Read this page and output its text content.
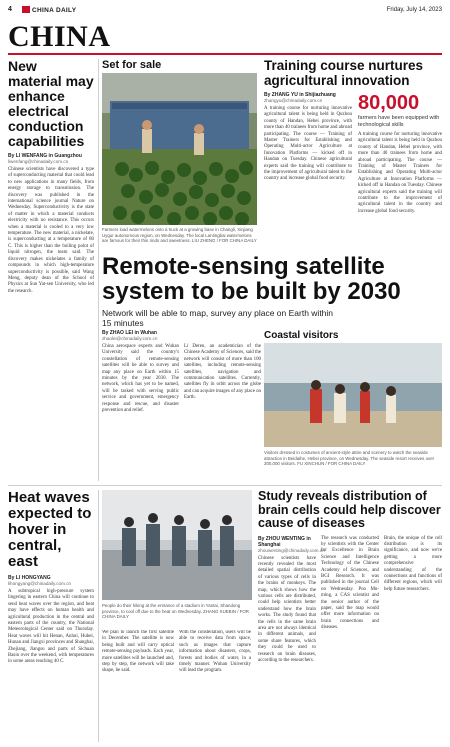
4	CHINA DAILY	Friday, July 14, 2023
CHINA
New material may enhance electrical conduction capabilities
By LI WENFANG in Guangzhou
liwenfang@chinadaily.com.cn
Chinese scientists have discovered a type of superconducting material that could lead to new applications in many fields, from energy storage to transmission. The discovery was published in the international science journal Nature on Wednesday. Superconductivity is the state of matter in which a material conducts electricity with no resistance. This occurs when a material is cooled to a very low temperature. The new material, a nickelate, is superconducting at a temperature of 80 C. This is higher than the boiling point of liquid nitrogen, the team said. The discovery makes nickelates a family of compounds in which high-temperature superconductivity is possible, said Wang Meng, deputy dean of the School of Physics at Sun Yat-sen University, who led the research.
Set for sale
Farmers load watermelons onto a truck at a growing base in Changli, Xinjiang Uygur autonomous region, on Wednesday. The local Lantingbai watermelons are famous for their thin rinds and sweetness. LIU ZHENG / FOR CHINA DAILY
Training course nurtures agricultural innovation
By ZHANG YU in Shijiazhuang
zhangyu@chinadaily.com.cn
A training course for nurturing innovative agricultural talent is being held in Quzhou county of Handan, Hebei province, with more than 40 trainees from home and abroad participating. The course — Training of Master Trainers for Establishing and Operating Multi-actor Agriculture at Innovation Platforms — kicked off in Handan on Tuesday. Chinese agricultural experts said the training will contribute to the improvement of agricultural talent in the country and increase global food security.
80,000
farmers have been equipped with technological skills
A training course for nurturing innovative agricultural talent is being held in Quzhou county of Handan, Hebei province, with more than 40 trainees from home and abroad participating. The course — Training of Master Trainers for Establishing and Operating Multi-actor Agriculture at Innovation Platforms — kicked off in Handan on Tuesday. Chinese agricultural experts said the training will contribute to the improvement of agricultural talent in the country and increase global food security.
Coastal visitors
Visitors dressed in costumes of ancient-style attire and scenery to watch the seaside attraction in Beidaihe, Hebei province, on Wednesday. The seaside resort receives over 300,000 visitors. FU XINCHUN / FOR CHINA DAILY
Remote-sensing satellite system to be built by 2030
Network will be able to map, survey any place on Earth within 15 minutes
By ZHAO LEI in Wuhan
zhaolei@chinadaily.com.cn
China aerospace experts and Wuhan University said the country's constellation of remote-sensing satellites will be able to survey and map any place on Earth within 15 minutes by the year 2030. The network, which has yet to be named, will be tasked with serving public service and government, emergency response and rescue, and disaster prevention and relief.
Li Deren, an academician of the Chinese Academy of Sciences, said the network will consist of more than 100 satellites, including remote-sensing satellites, navigation and communication satellites. Currently, satellites fly in orbit across the globe and can acquire images of any place on Earth.
Heat waves expected to hover in central, east
By LI HONGYANG
lihongyang@chinadaily.com.cn
A subtropical high-pressure system lingering in eastern China will continue to send heat waves over the region, and heat may have effects on human health and agricultural production in the central and eastern parts of the country, the National Meteorological Center said on Thursday. Heat waves will hit Henan, Anhui, Hubei, Hunan and Jiangxi provinces and Shanghai, Zhejiang, Jiangsu and parts of Sichuan Basin over the weekend, with temperatures in some areas reaching 40 C.
People do their hiking at the entrance of a stadium in Yantai, Shandong province, to cool off due to the heat on Wednesday. ZHANG XUEBIN / FOR CHINA DAILY
We plan to launch the first satellite in December. The satellite is now being built and will carry optical remote-sensing payloads. Each year, more satellites will be launched and, step by step, the network will take shape, he said.
With the constellation, users will be able to receive data from space, such as images that capture information about disasters, crops, forests and bodies of water, in a timely manner. Wuhan University will lead the program.
Study reveals distribution of brain cells could help discover cause of diseases
By ZHOU WENTING in Shanghai
zhouwenting@chinadaily.com.cn
Chinese scientists have recently revealed the most detailed spatial distribution of various types of cells in the brains of monkeys. The map, which shows how the various cells are distributed, could help scientists better understand how the brain works. The study found that the cells in the same brain area are not always identical in different animals, and some share features, which they could be used to research on brain diseases, according to the researchers.
The research was conducted by scientists with the Center for Excellence in Brain Science and Intelligence Technology of the Chinese Academy of Sciences, and BGI Research. It was published in the journal Cell on Wednesday. Poo Mu-ming, a CAS scientist and the senior author of the paper, said the map would offer more information on brain connections and diseases.
Brain, the unique of the cell distribution is its significance, and now we're getting a more comprehensive understanding of the connections and functions of different regions, which will help future researchers.
